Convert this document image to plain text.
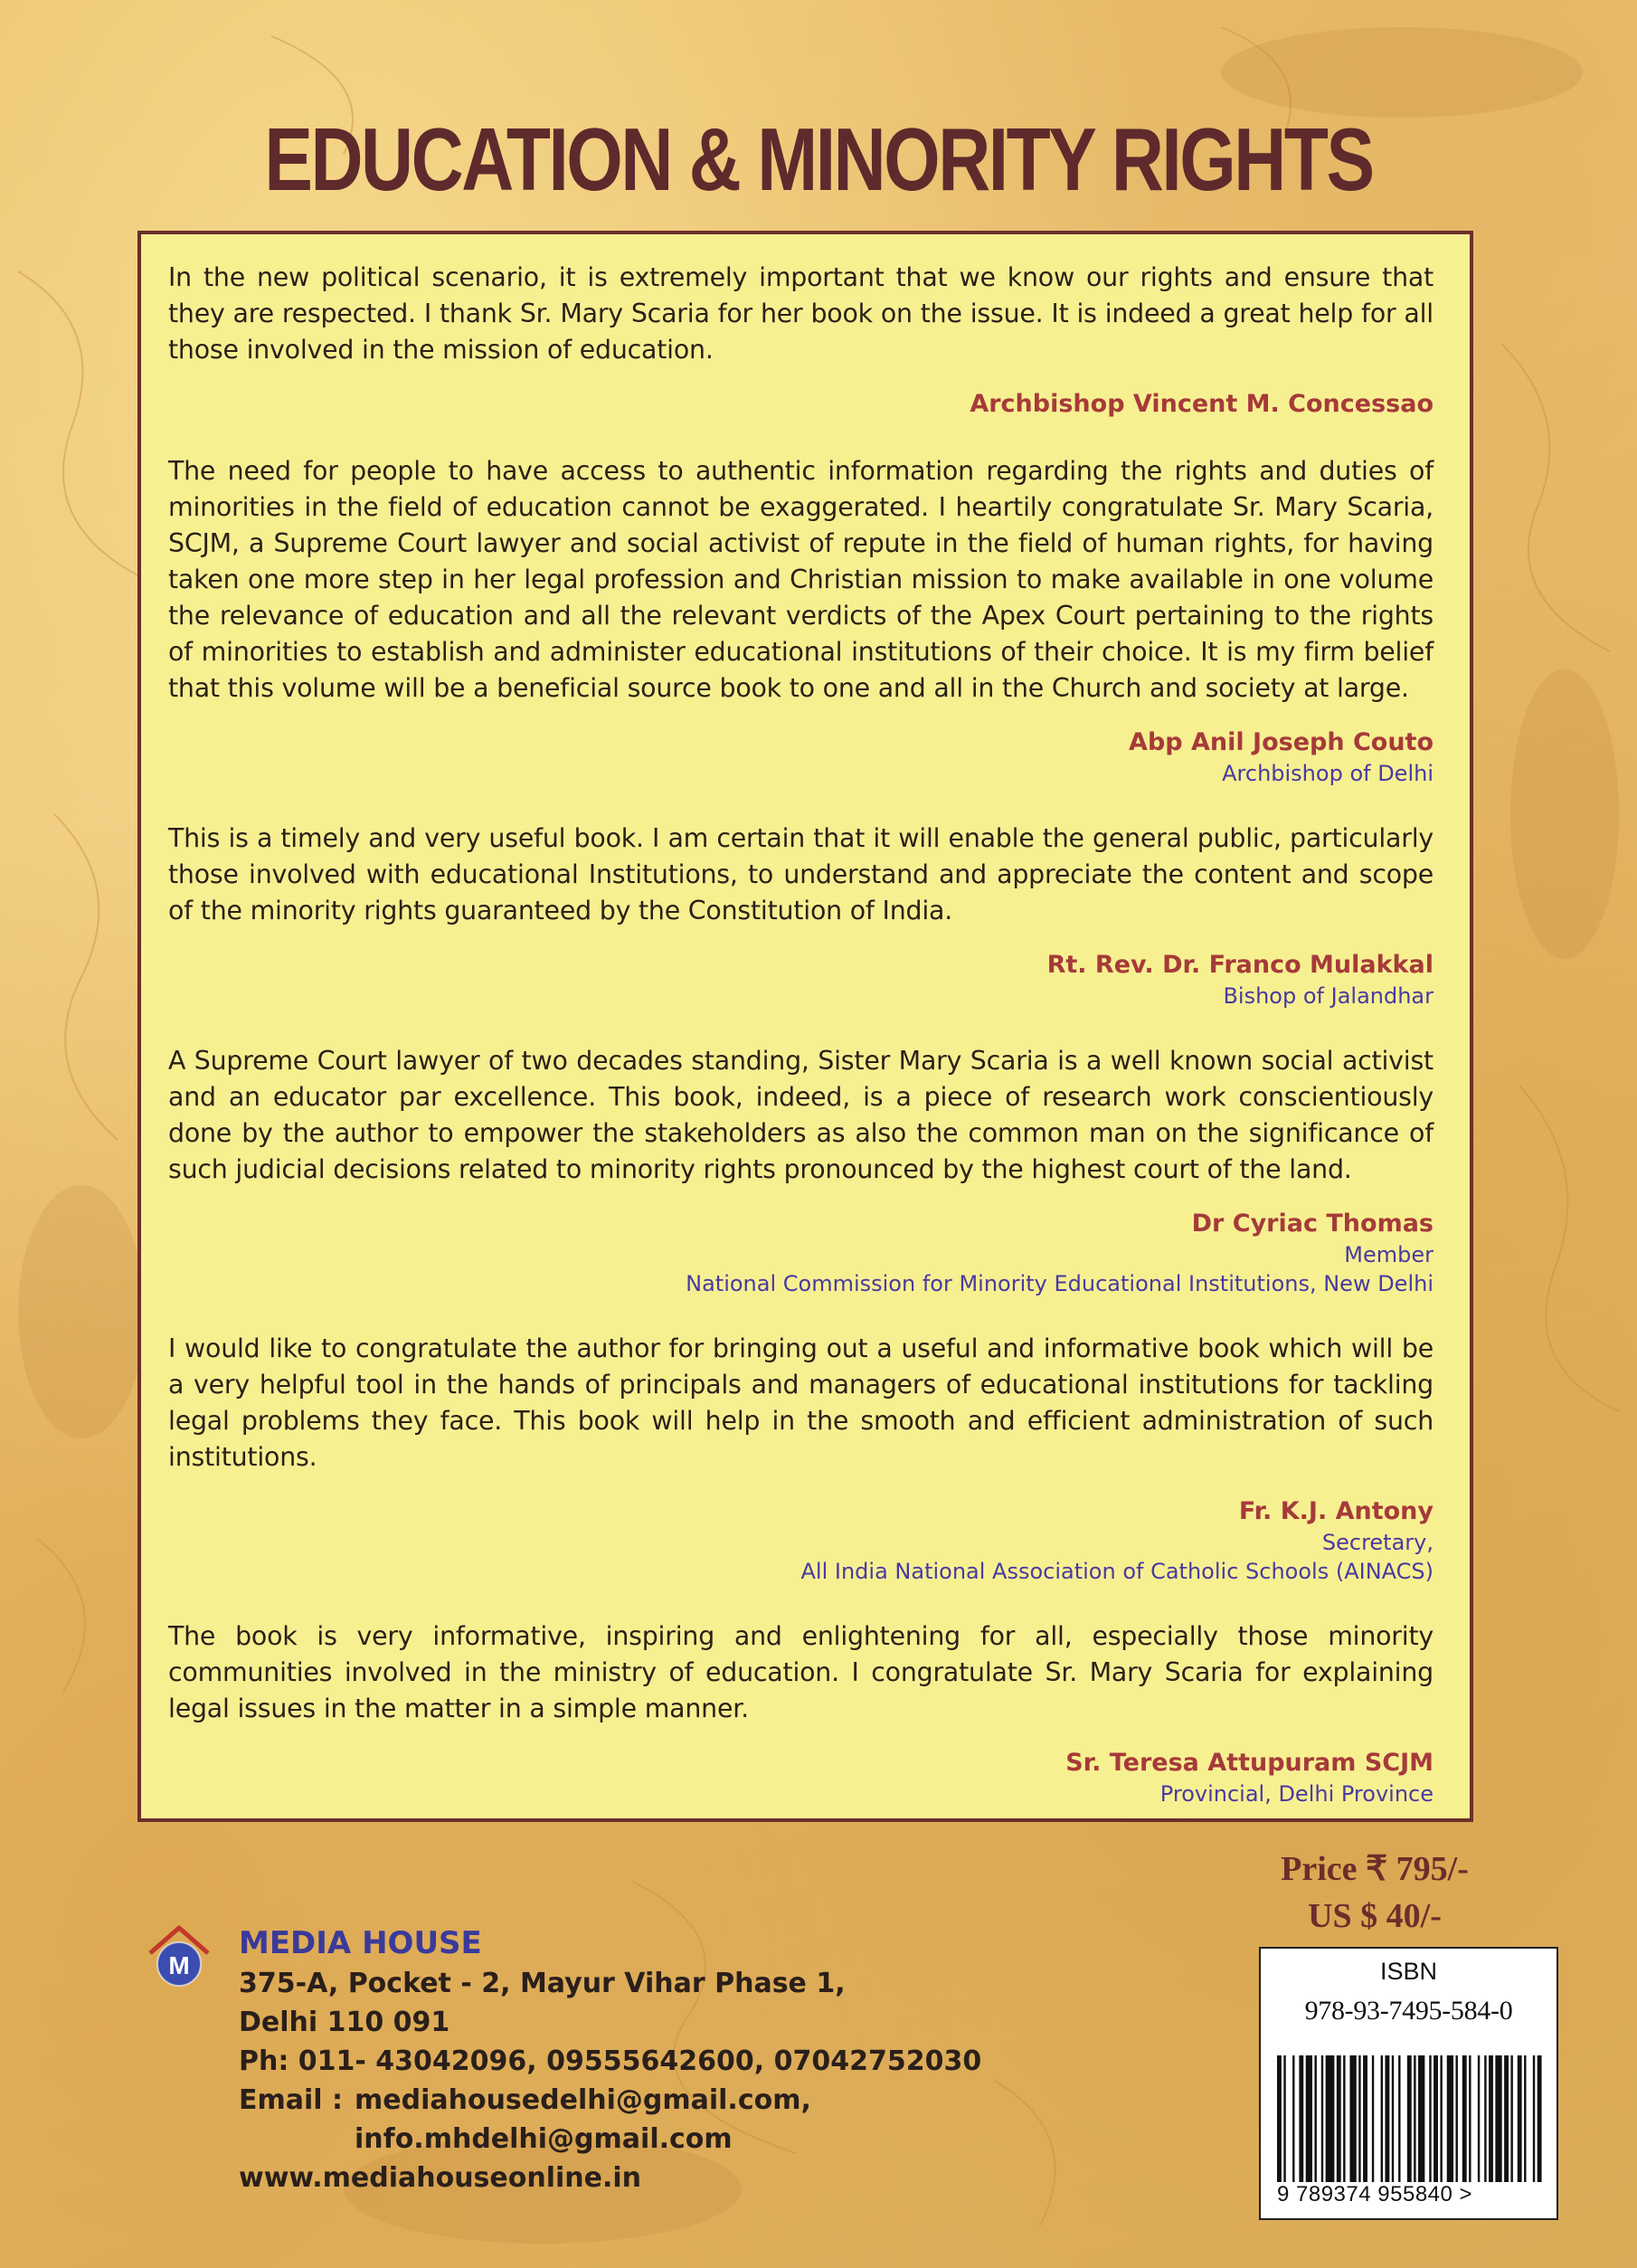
EDUCATION & MINORITY RIGHTS

In the new political scenario, it is extremely important that we know our rights and ensure that they are respected. I thank Sr. Mary Scaria for her book on the issue. It is indeed a great help for all those involved in the mission of education.

Archbishop Vincent M. Concessao

The need for people to have access to authentic information regarding the rights and duties of minorities in the field of education cannot be exaggerated. I heartily congratulate Sr. Mary Scaria, SCJM, a Supreme Court lawyer and social activist of repute in the field of human rights, for having taken one more step in her legal profession and Christian mission to make available in one volume the relevance of education and all the relevant verdicts of the Apex Court pertaining to the rights of minorities to establish and administer educational institutions of their choice. It is my firm belief that this volume will be a beneficial source book to one and all in the Church and society at large.

Abp Anil Joseph Couto
Archbishop of Delhi

This is a timely and very useful book. I am certain that it will enable the general public, particularly those involved with educational Institutions, to understand and appreciate the content and scope of the minority rights guaranteed by the Constitution of India.

Rt. Rev. Dr. Franco Mulakkal
Bishop of Jalandhar

A Supreme Court lawyer of two decades standing, Sister Mary Scaria is a well known social activist and an educator par excellence. This book, indeed, is a piece of research work conscientiously done by the author to empower the stakeholders as also the common man on the significance of such judicial decisions related to minority rights pronounced by the highest court of the land.

Dr Cyriac Thomas
Member
National Commission for Minority Educational Institutions, New Delhi

I would like to congratulate the author for bringing out a useful and informative book which will be a very helpful tool in the hands of principals and managers of educational institutions for tackling legal problems they face. This book will help in the smooth and efficient administration of such institutions.

Fr. K.J. Antony
Secretary,
All India National Association of Catholic Schools (AINACS)

The book is very informative, inspiring and enlightening for all, especially those minority communities involved in the ministry of education. I congratulate Sr. Mary Scaria for explaining legal issues in the matter in a simple manner.

Sr. Teresa Attupuram SCJM
Provincial, Delhi Province
Price ₹ 795/-
US $ 40/-
M
MEDIA HOUSE
375-A, Pocket - 2, Mayur Vihar Phase 1,
Delhi 110 091
Ph: 011- 43042096, 09555642600, 07042752030
Email : mediahousedelhi@gmail.com,
info.mhdelhi@gmail.com
www.mediahouseonline.in
ISBN
978-93-7495-584-0
9 789374 955840 >
